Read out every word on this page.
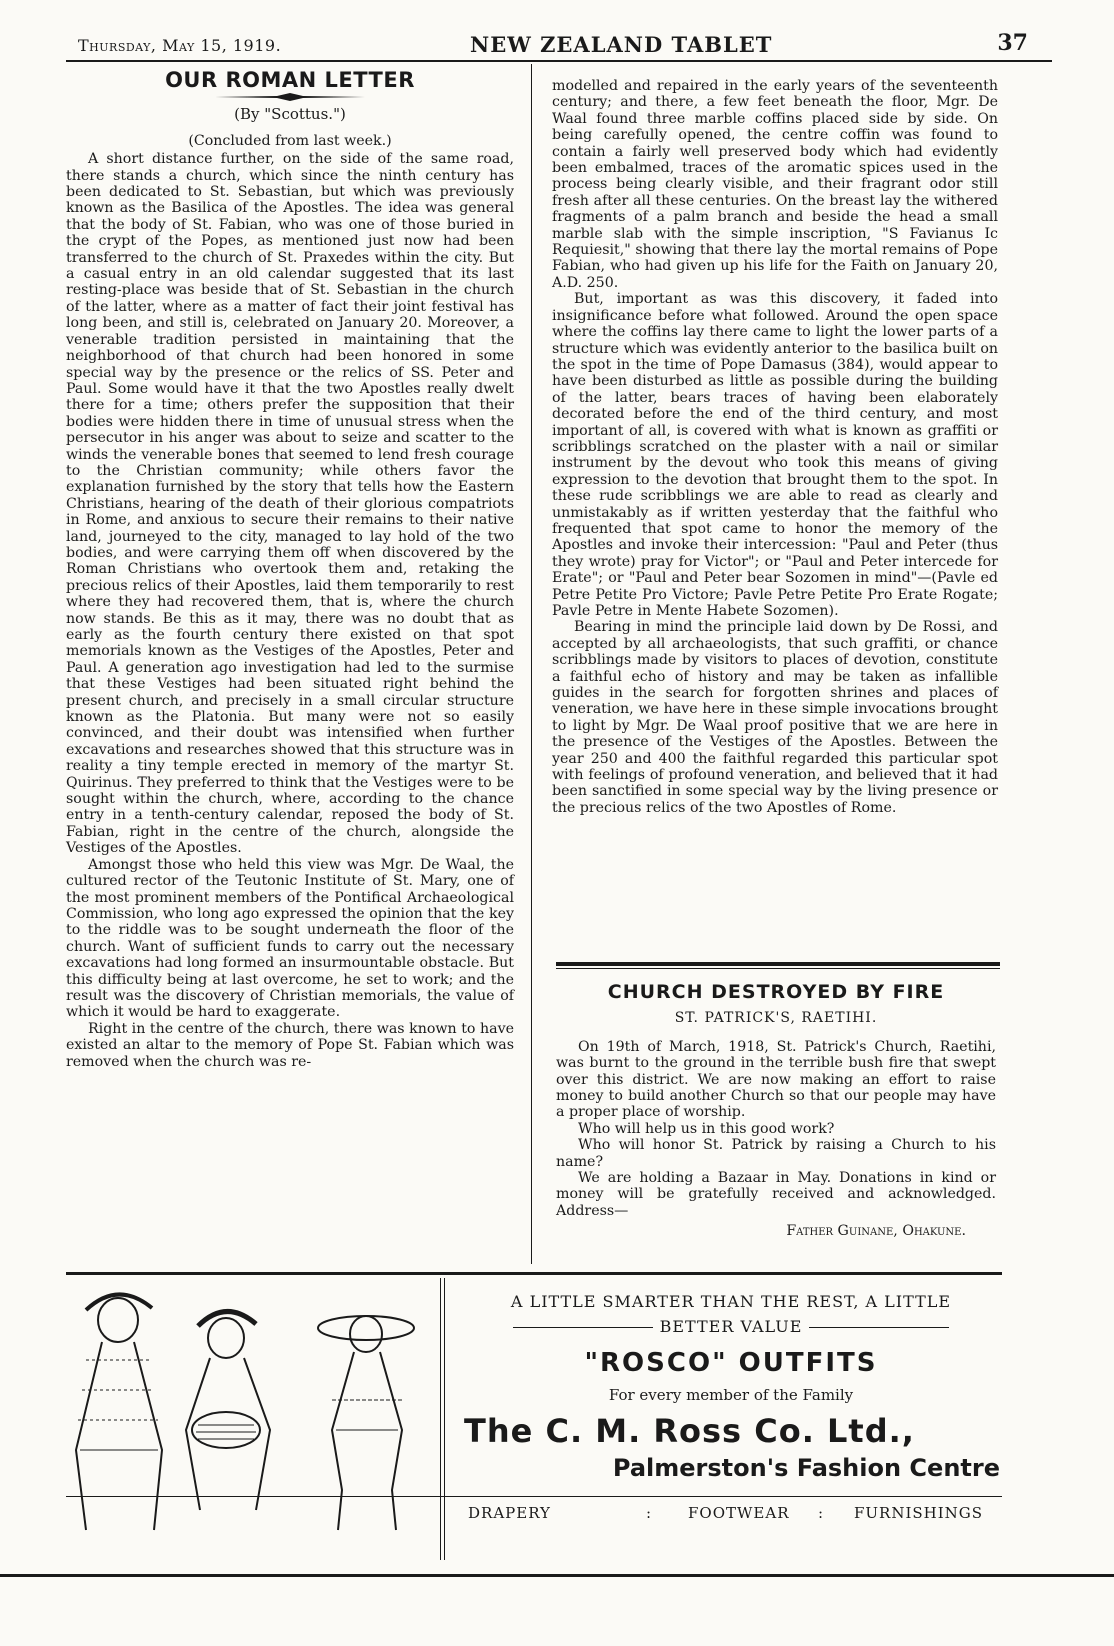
Thursday, May 15, 1919.	NEW ZEALAND TABLET	37
OUR ROMAN LETTER
(By "Scottus.")
(Concluded from last week.)

A short distance further, on the side of the same road, there stands a church, which since the ninth century has been dedicated to St. Sebastian, but which was previously known as the Basilica of the Apostles. The idea was general that the body of St. Fabian, who was one of those buried in the crypt of the Popes, as mentioned just now had been transferred to the church of St. Praxedes within the city. But a casual entry in an old calendar suggested that its last resting-place was beside that of St. Sebastian in the church of the latter, where as a matter of fact their joint festival has long been, and still is, celebrated on January 20. Moreover, a venerable tradition persisted in maintaining that the neighborhood of that church had been honored in some special way by the presence or the relics of SS. Peter and Paul. Some would have it that the two Apostles really dwelt there for a time; others prefer the supposition that their bodies were hidden there in time of unusual stress when the persecutor in his anger was about to seize and scatter to the winds the venerable bones that seemed to lend fresh courage to the Christian community; while others favor the explanation furnished by the story that tells how the Eastern Christians, hearing of the death of their glorious compatriots in Rome, and anxious to secure their remains to their native land, journeyed to the city, managed to lay hold of the two bodies, and were carrying them off when discovered by the Roman Christians who overtook them and, retaking the precious relics of their Apostles, laid them temporarily to rest where they had recovered them, that is, where the church now stands. Be this as it may, there was no doubt that as early as the fourth century there existed on that spot memorials known as the Vestiges of the Apostles, Peter and Paul. A generation ago investigation had led to the surmise that these Vestiges had been situated right behind the present church, and precisely in a small circular structure known as the Platonia. But many were not so easily convinced, and their doubt was intensified when further excavations and researches showed that this structure was in reality a tiny temple erected in memory of the martyr St. Quirinus. They preferred to think that the Vestiges were to be sought within the church, where, according to the chance entry in a tenth-century calendar, reposed the body of St. Fabian, right in the centre of the church, alongside the Vestiges of the Apostles.

Amongst those who held this view was Mgr. De Waal, the cultured rector of the Teutonic Institute of St. Mary, one of the most prominent members of the Pontifical Archaeological Commission, who long ago expressed the opinion that the key to the riddle was to be sought underneath the floor of the church. Want of sufficient funds to carry out the necessary excavations had long formed an insurmountable obstacle. But this difficulty being at last overcome, he set to work; and the result was the discovery of Christian memorials, the value of which it would be hard to exaggerate.

Right in the centre of the church, there was known to have existed an altar to the memory of Pope St. Fabian which was removed when the church was re-

modelled and repaired in the early years of the seventeenth century; and there, a few feet beneath the floor, Mgr. De Waal found three marble coffins placed side by side. On being carefully opened, the centre coffin was found to contain a fairly well preserved body which had evidently been embalmed, traces of the aromatic spices used in the process being clearly visible, and their fragrant odor still fresh after all these centuries. On the breast lay the withered fragments of a palm branch and beside the head a small marble slab with the simple inscription, "S Favianus Ic Requiesit," showing that there lay the mortal remains of Pope Fabian, who had given up his life for the Faith on January 20, A.D. 250.

But, important as was this discovery, it faded into insignificance before what followed. Around the open space where the coffins lay there came to light the lower parts of a structure which was evidently anterior to the basilica built on the spot in the time of Pope Damasus (384), would appear to have been disturbed as little as possible during the building of the latter, bears traces of having been elaborately decorated before the end of the third century, and most important of all, is covered with what is known as graffiti or scribblings scratched on the plaster with a nail or similar instrument by the devout who took this means of giving expression to the devotion that brought them to the spot. In these rude scribblings we are able to read as clearly and unmistakably as if written yesterday that the faithful who frequented that spot came to honor the memory of the Apostles and invoke their intercession: "Paul and Peter (thus they wrote) pray for Victor"; or "Paul and Peter intercede for Erate"; or "Paul and Peter bear Sozomen in mind"—(Pavle ed Petre Petite Pro Victore; Pavle Petre Petite Pro Erate Rogate; Pavle Petre in Mente Habete Sozomen).

Bearing in mind the principle laid down by De Rossi, and accepted by all archaeologists, that such graffiti, or chance scribblings made by visitors to places of devotion, constitute a faithful echo of history and may be taken as infallible guides in the search for forgotten shrines and places of veneration, we have here in these simple invocations brought to light by Mgr. De Waal proof positive that we are here in the presence of the Vestiges of the Apostles. Between the year 250 and 400 the faithful regarded this particular spot with feelings of profound veneration, and believed that it had been sanctified in some special way by the living presence or the precious relics of the two Apostles of Rome.

CHURCH DESTROYED BY FIRE
ST. PATRICK'S, RAETIHI.

On 19th of March, 1918, St. Patrick's Church, Raetihi, was burnt to the ground in the terrible bush fire that swept over this district. We are now making an effort to raise money to build another Church so that our people may have a proper place of worship.

Who will help us in this good work?

Who will honor St. Patrick by raising a Church to his name?

We are holding a Bazaar in May. Donations in kind or money will be gratefully received and acknowledged. Address—

Father Guinane, Ohakune.
A LITTLE SMARTER THAN THE REST, A LITTLE
BETTER VALUE
"ROSCO" OUTFITS
For every member of the Family
The C. M. Ross Co. Ltd.,
Palmerston's Fashion Centre
DRAPERY	: FOOTWEAR : FURNISHINGS
